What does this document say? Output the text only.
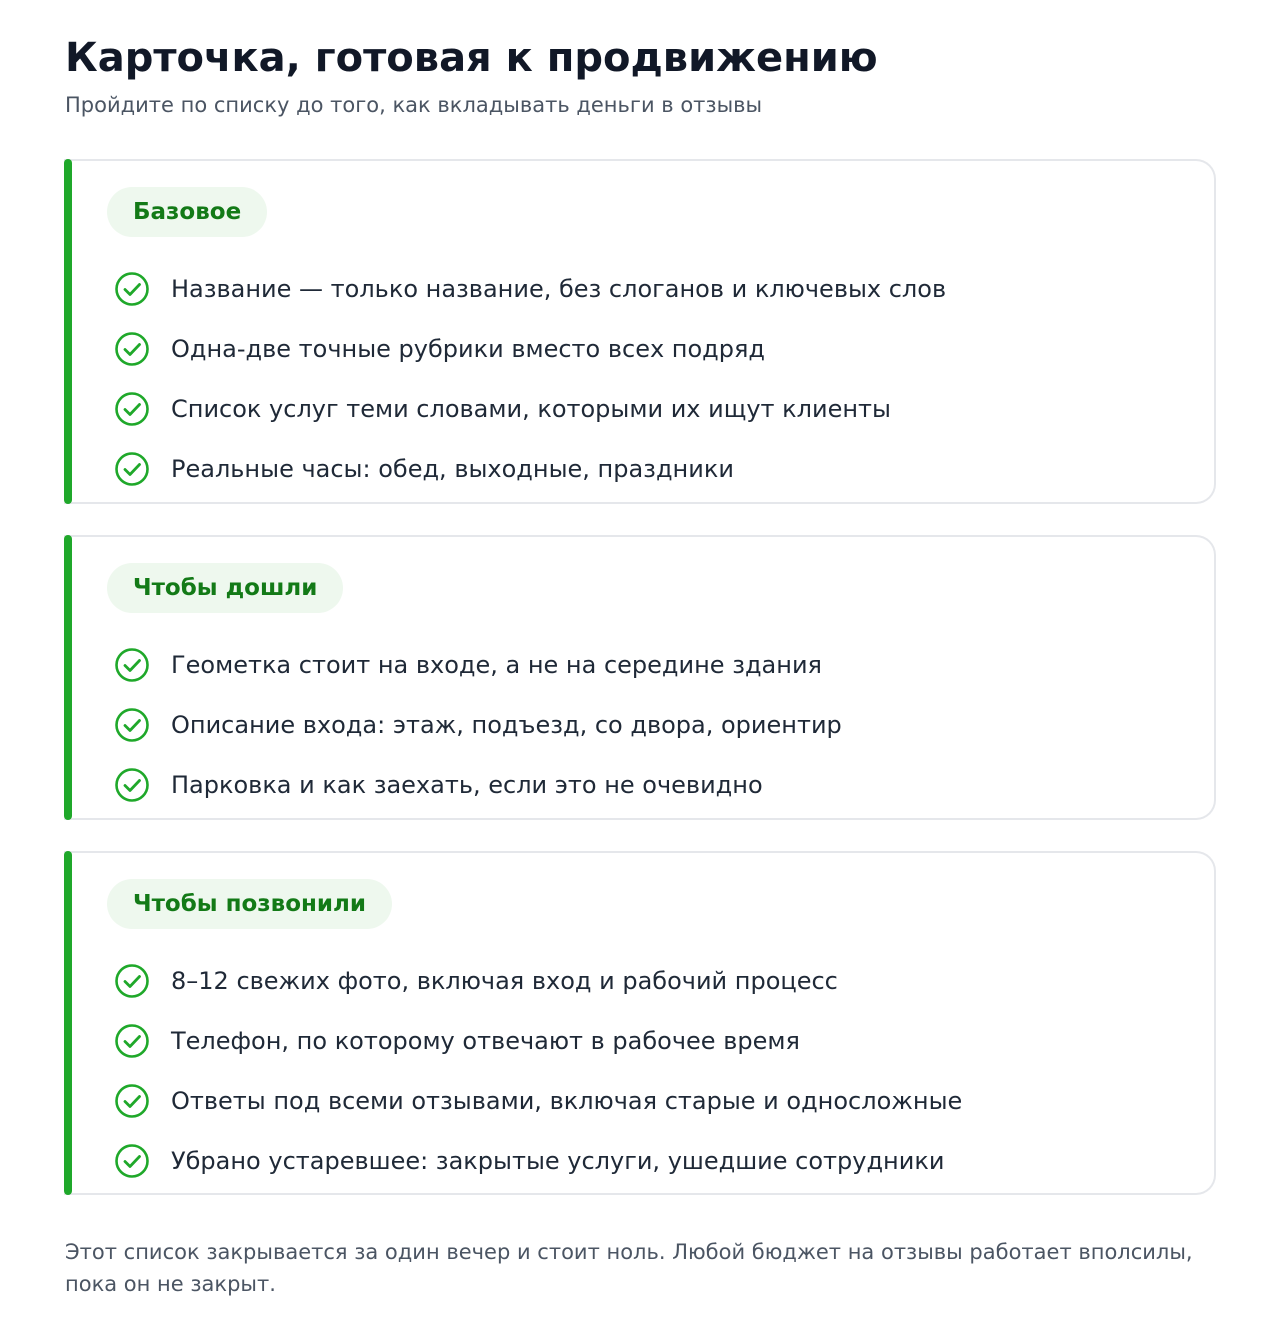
Карточка, готовая к продвижению

Пройдите по списку до того, как вкладывать деньги в отзывы

Базовое
Название — только название, без слоганов и ключевых слов
Одна-две точные рубрики вместо всех подряд
Список услуг теми словами, которыми их ищут клиенты
Реальные часы: обед, выходные, праздники
Чтобы дошли
Геометка стоит на входе, а не на середине здания
Описание входа: этаж, подъезд, со двора, ориентир
Парковка и как заехать, если это не очевидно
Чтобы позвонили
8–12 свежих фото, включая вход и рабочий процесс
Телефон, по которому отвечают в рабочее время
Ответы под всеми отзывами, включая старые и односложные
Убрано устаревшее: закрытые услуги, ушедшие сотрудники

Этот список закрывается за один вечер и стоит ноль. Любой бюджет на отзывы работает вполсилы, пока он не закрыт.
